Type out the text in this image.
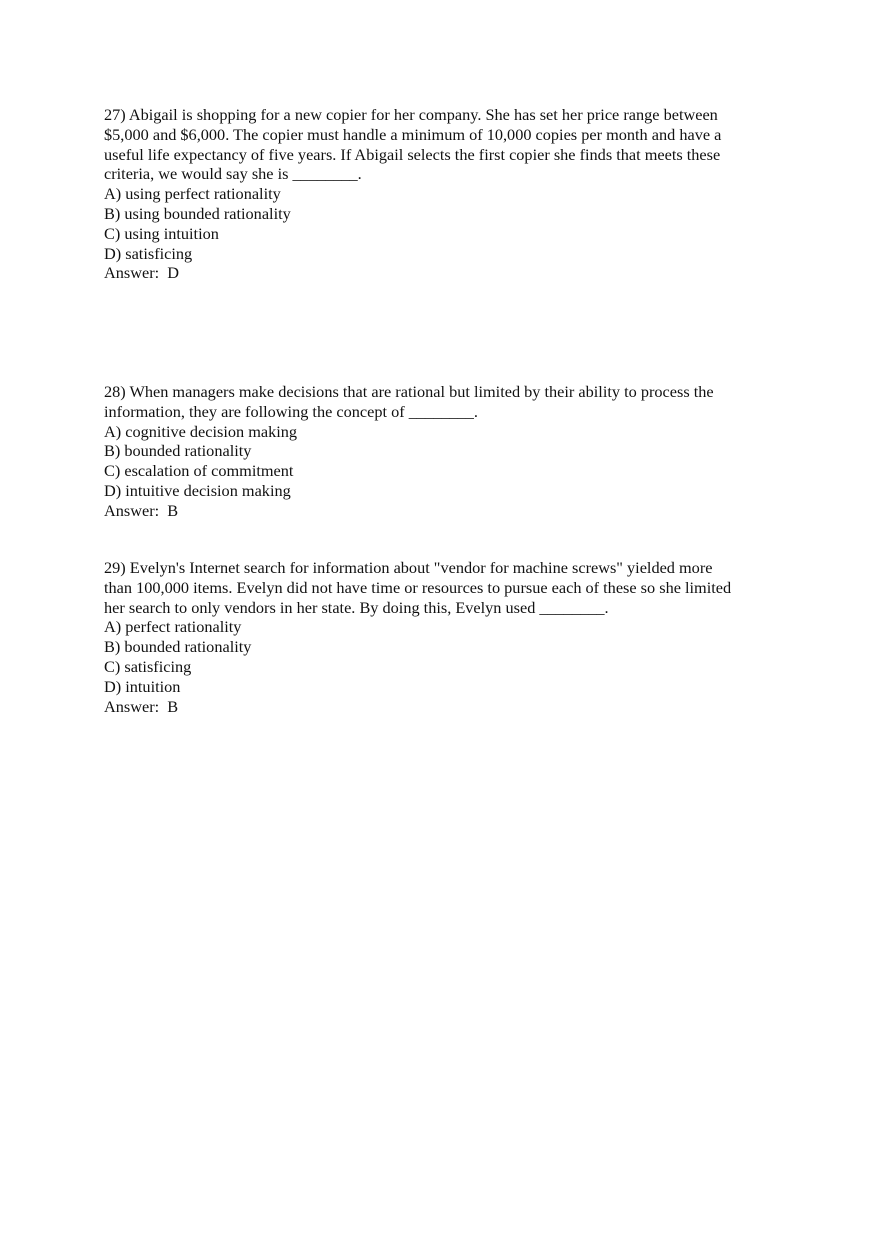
27) Abigail is shopping for a new copier for her company. She has set her price range between
$5,000 and $6,000. The copier must handle a minimum of 10,000 copies per month and have a
useful life expectancy of five years. If Abigail selects the first copier she finds that meets these
criteria, we would say she is ________.

A) using perfect rationality
B) using bounded rationality
C) using intuition
D) satisficing

Answer:  D

28) When managers make decisions that are rational but limited by their ability to process the
information, they are following the concept of ________.

A) cognitive decision making
B) bounded rationality
C) escalation of commitment
D) intuitive decision making

Answer:  B

29) Evelyn's Internet search for information about "vendor for machine screws" yielded more
than 100,000 items. Evelyn did not have time or resources to pursue each of these so she limited
her search to only vendors in her state. By doing this, Evelyn used ________.

A) perfect rationality
B) bounded rationality
C) satisficing
D) intuition

Answer:  B
